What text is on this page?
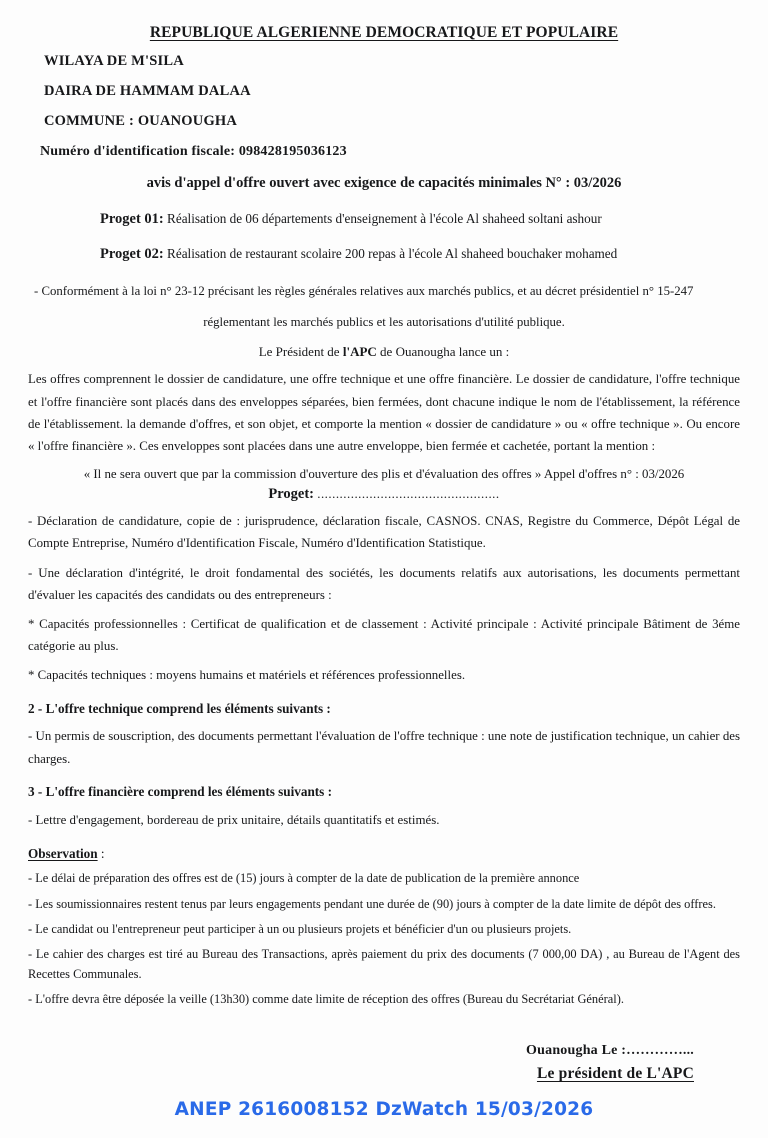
REPUBLIQUE ALGERIENNE DEMOCRATIQUE ET POPULAIRE

WILAYA DE M'SILA

DAIRA DE HAMMAM DALAA

COMMUNE : OUANOUGHA

Numéro d'identification fiscale: 098428195036123

avis d'appel d'offre ouvert avec exigence de capacités minimales N° : 03/2026

Proget 01: Réalisation de 06 départements d'enseignement à l'école Al shaheed soltani ashour

Proget 02: Réalisation de restaurant scolaire 200 repas à l'école Al shaheed bouchaker mohamed

- Conformément à la loi n° 23-12 précisant les règles générales relatives aux marchés publics, et au décret présidentiel n° 15-247

réglementant les marchés publics et les autorisations d'utilité publique.

Le Président de l'APC de Ouanougha lance un :

Les offres comprennent le dossier de candidature, une offre technique et une offre financière. Le dossier de candidature, l'offre technique et l'offre financière sont placés dans des enveloppes séparées, bien fermées, dont chacune indique le nom de l'établissement, la référence de l'établissement. la demande d'offres, et son objet, et comporte la mention « dossier de candidature » ou « offre technique ». Ou encore « l'offre financière ». Ces enveloppes sont placées dans une autre enveloppe, bien fermée et cachetée, portant la mention :

« Il ne sera ouvert que par la commission d'ouverture des plis et d'évaluation des offres » Appel d'offres n° : 03/2026

Proget: .................................................

- Déclaration de candidature, copie de : jurisprudence, déclaration fiscale, CASNOS. CNAS, Registre du Commerce, Dépôt Légal de Compte Entreprise, Numéro d'Identification Fiscale, Numéro d'Identification Statistique.

- Une déclaration d'intégrité, le droit fondamental des sociétés, les documents relatifs aux autorisations, les documents permettant d'évaluer les capacités des candidats ou des entrepreneurs :

* Capacités professionnelles : Certificat de qualification et de classement : Activité principale : Activité principale Bâtiment de 3éme catégorie au plus.

* Capacités techniques : moyens humains et matériels et références professionnelles.

2 - L'offre technique comprend les éléments suivants :

- Un permis de souscription, des documents permettant l'évaluation de l'offre technique : une note de justification technique, un cahier des charges.

3 - L'offre financière comprend les éléments suivants :

- Lettre d'engagement, bordereau de prix unitaire, détails quantitatifs et estimés.

Observation :

- Le délai de préparation des offres est de (15) jours à compter de la date de publication de la première annonce

- Les soumissionnaires restent tenus par leurs engagements pendant une durée de (90) jours à compter de la date limite de dépôt des offres.

- Le candidat ou l'entrepreneur peut participer à un ou plusieurs projets et bénéficier d'un ou plusieurs projets.

- Le cahier des charges est tiré au Bureau des Transactions, après paiement du prix des documents (7 000,00 DA) , au Bureau de l'Agent des Recettes Communales.

- L'offre devra être déposée la veille (13h30) comme date limite de réception des offres (Bureau du Secrétariat Général).

Ouanougha Le :…………...

Le président de L'APC

ANEP 2616008152 DzWatch 15/03/2026
